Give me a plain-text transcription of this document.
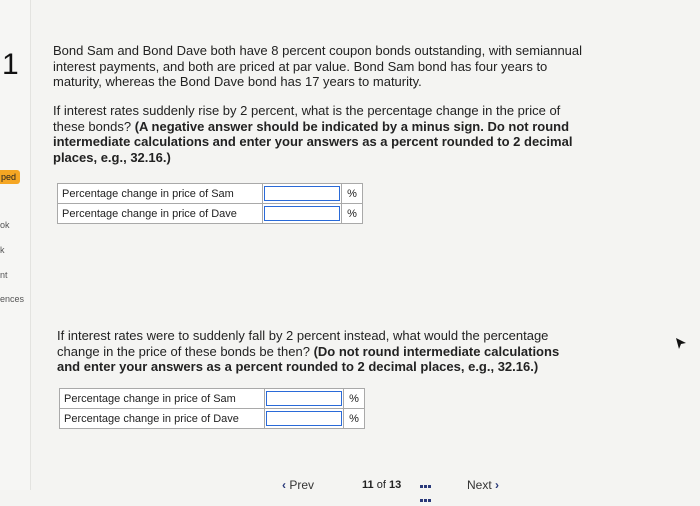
1
ped
ok
k
nt
ences
Bond Sam and Bond Dave both have 8 percent coupon bonds outstanding, with semiannual interest payments, and both are priced at par value. Bond Sam bond has four years to maturity, whereas the Bond Dave bond has 17 years to maturity.
If interest rates suddenly rise by 2 percent, what is the percentage change in the price of these bonds? (A negative answer should be indicated by a minus sign. Do not round intermediate calculations and enter your answers as a percent rounded to 2 decimal places, e.g., 32.16.)
Percentage change in price of Sam		%
Percentage change in price of Dave		%
If interest rates were to suddenly fall by 2 percent instead, what would the percentage change in the price of these bonds be then? (Do not round intermediate calculations and enter your answers as a percent rounded to 2 decimal places, e.g., 32.16.)
Percentage change in price of Sam		%
Percentage change in price of Dave		%
‹ Prev	11 of 13	Next ›
